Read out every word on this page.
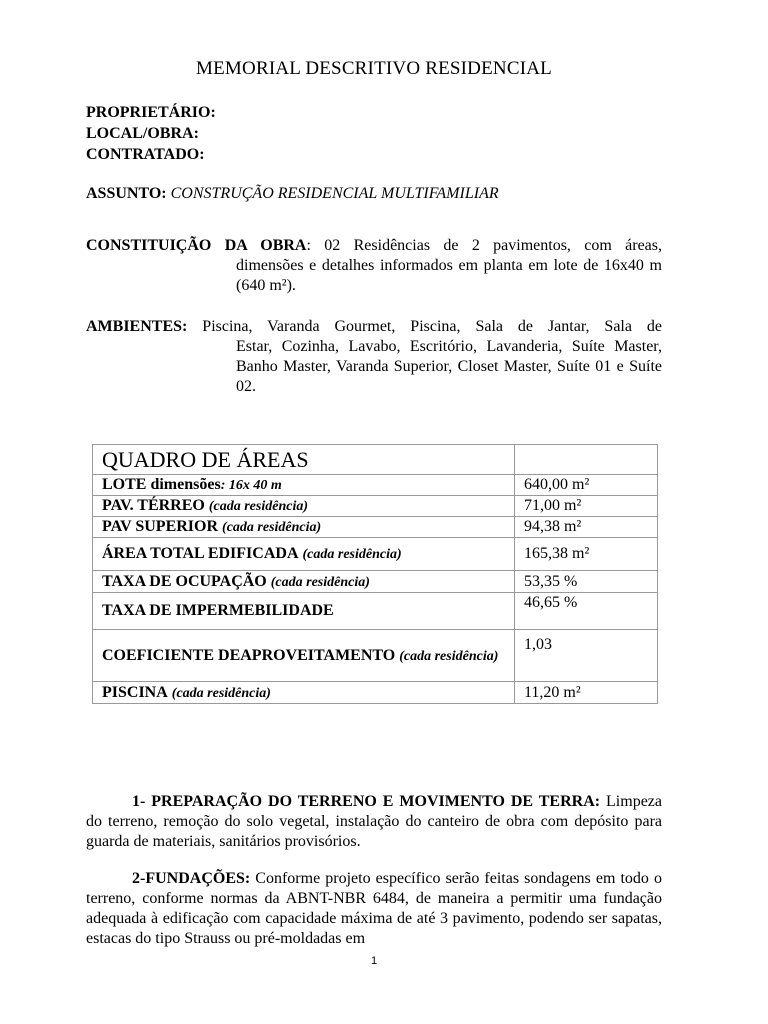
MEMORIAL DESCRITIVO RESIDENCIAL
PROPRIETÁRIO:
LOCAL/OBRA:
CONTRATADO:
ASSUNTO: CONSTRUÇÃO RESIDENCIAL MULTIFAMILIAR
CONSTITUIÇÃO DA OBRA: 02 Residências de 2 pavimentos, com áreas,
dimensões e detalhes informados em planta em lote de 16x40 m (640 m²).
AMBIENTES: Piscina, Varanda Gourmet, Piscina, Sala de Jantar, Sala de
Estar, Cozinha, Lavabo, Escritório, Lavanderia, Suíte Master, Banho Master, Varanda Superior, Closet Master, Suíte 01 e Suíte 02.
QUADRO DE ÁREAS	
LOTE dimensões: 16x 40 m	640,00 m²
PAV. TÉRREO (cada residência)	71,00 m²
PAV SUPERIOR (cada residência)	94,38 m²
ÁREA TOTAL EDIFICADA (cada residência)	165,38 m²
TAXA DE OCUPAÇÃO (cada residência)	53,35 %
TAXA DE IMPERMEBILIDADE	46,65 %
COEFICIENTE DEAPROVEITAMENTO (cada residência)	1,03
PISCINA (cada residência)	11,20 m²
1- PREPARAÇÃO DO TERRENO E MOVIMENTO DE TERRA: Limpeza do terreno, remoção do solo vegetal, instalação do canteiro de obra com depósito para guarda de materiais, sanitários provisórios.
2-FUNDAÇÕES: Conforme projeto específico serão feitas sondagens em todo o terreno, conforme normas da ABNT-NBR 6484, de maneira a permitir uma fundação adequada à edificação com capacidade máxima de até 3 pavimento, podendo ser sapatas, estacas do tipo Strauss ou pré-moldadas em
1
